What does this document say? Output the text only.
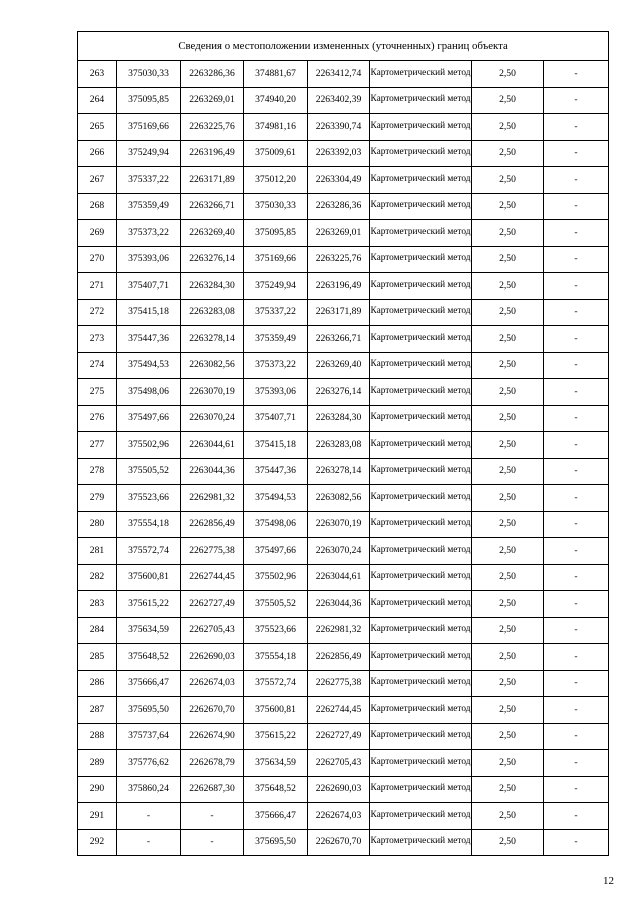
Сведения о местоположении измененных (уточненных) границ объекта							
263	375030,33	2263286,36	374881,67	2263412,74	Картометрический метод	2,50	-
264	375095,85	2263269,01	374940,20	2263402,39	Картометрический метод	2,50	-
265	375169,66	2263225,76	374981,16	2263390,74	Картометрический метод	2,50	-
266	375249,94	2263196,49	375009,61	2263392,03	Картометрический метод	2,50	-
267	375337,22	2263171,89	375012,20	2263304,49	Картометрический метод	2,50	-
268	375359,49	2263266,71	375030,33	2263286,36	Картометрический метод	2,50	-
269	375373,22	2263269,40	375095,85	2263269,01	Картометрический метод	2,50	-
270	375393,06	2263276,14	375169,66	2263225,76	Картометрический метод	2,50	-
271	375407,71	2263284,30	375249,94	2263196,49	Картометрический метод	2,50	-
272	375415,18	2263283,08	375337,22	2263171,89	Картометрический метод	2,50	-
273	375447,36	2263278,14	375359,49	2263266,71	Картометрический метод	2,50	-
274	375494,53	2263082,56	375373,22	2263269,40	Картометрический метод	2,50	-
275	375498,06	2263070,19	375393,06	2263276,14	Картометрический метод	2,50	-
276	375497,66	2263070,24	375407,71	2263284,30	Картометрический метод	2,50	-
277	375502,96	2263044,61	375415,18	2263283,08	Картометрический метод	2,50	-
278	375505,52	2263044,36	375447,36	2263278,14	Картометрический метод	2,50	-
279	375523,66	2262981,32	375494,53	2263082,56	Картометрический метод	2,50	-
280	375554,18	2262856,49	375498,06	2263070,19	Картометрический метод	2,50	-
281	375572,74	2262775,38	375497,66	2263070,24	Картометрический метод	2,50	-
282	375600,81	2262744,45	375502,96	2263044,61	Картометрический метод	2,50	-
283	375615,22	2262727,49	375505,52	2263044,36	Картометрический метод	2,50	-
284	375634,59	2262705,43	375523,66	2262981,32	Картометрический метод	2,50	-
285	375648,52	2262690,03	375554,18	2262856,49	Картометрический метод	2,50	-
286	375666,47	2262674,03	375572,74	2262775,38	Картометрический метод	2,50	-
287	375695,50	2262670,70	375600,81	2262744,45	Картометрический метод	2,50	-
288	375737,64	2262674,90	375615,22	2262727,49	Картометрический метод	2,50	-
289	375776,62	2262678,79	375634,59	2262705,43	Картометрический метод	2,50	-
290	375860,24	2262687,30	375648,52	2262690,03	Картометрический метод	2,50	-
291	-	-	375666,47	2262674,03	Картометрический метод	2,50	-
292	-	-	375695,50	2262670,70	Картометрический метод	2,50	-
12
